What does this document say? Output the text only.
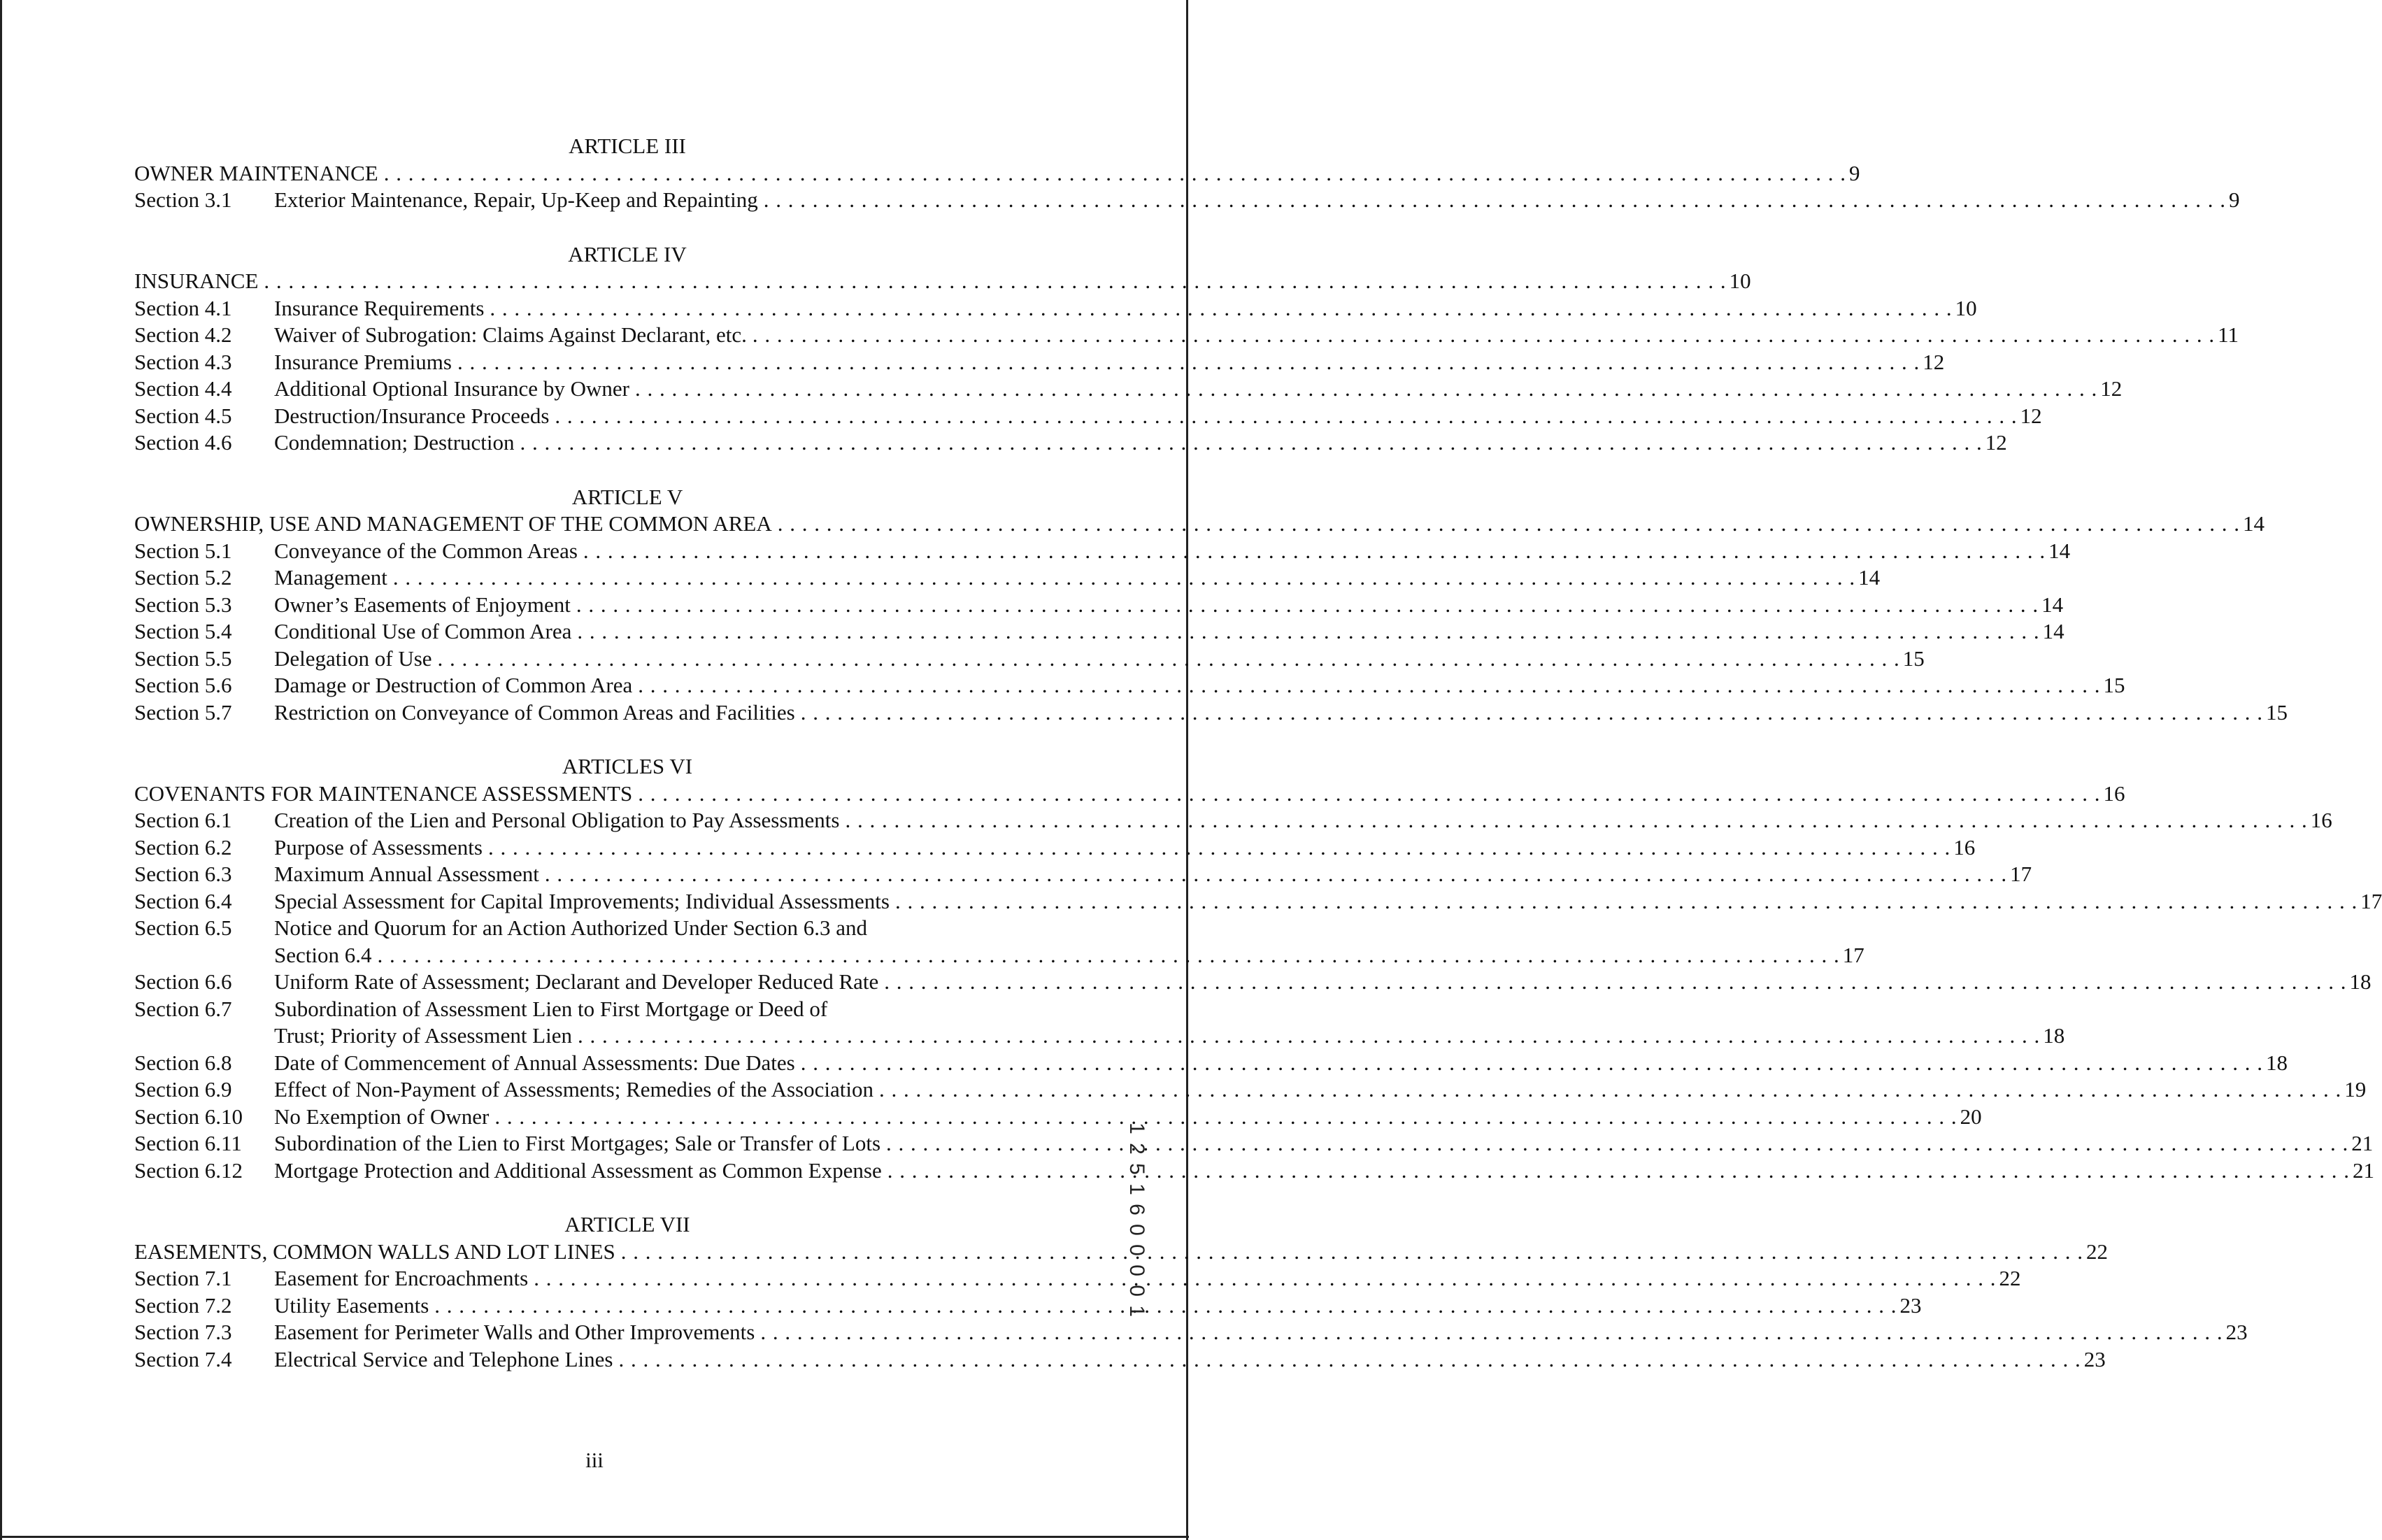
ARTICLE III
OWNER MAINTENANCE . . . . . . . . . . . . . . . . . . . . . . . . . . . . . . . . . . . . . . . . . . . . . . . . . . . . . . . . . . . . . . . . . . . . . . . . . . . . . . . . . . . . . . . . . . . . . . . . . . . . . . . . . . . . . . . . . . . . . . . . 9
Section 3.1	Exterior Maintenance, Repair, Up-Keep and Repainting . . . . . . . . . . . . . . . . . . . . . . . . . . . . . . . . . . . . . . . . . . . . . . . . . . . . . . . . . . . . . . . . . . . . . . . . . . . . . . . . . . . . . . . . . . . . . . . . . . . . . . . . . . . . . . . . . . . . . . . . 9
ARTICLE IV
INSURANCE . . . . . . . . . . . . . . . . . . . . . . . . . . . . . . . . . . . . . . . . . . . . . . . . . . . . . . . . . . . . . . . . . . . . . . . . . . . . . . . . . . . . . . . . . . . . . . . . . . . . . . . . . . . . . . . . . . . . . . . . 10
Section 4.1	Insurance Requirements . . . . . . . . . . . . . . . . . . . . . . . . . . . . . . . . . . . . . . . . . . . . . . . . . . . . . . . . . . . . . . . . . . . . . . . . . . . . . . . . . . . . . . . . . . . . . . . . . . . . . . . . . . . . . . . . . . . . . . . . 10
Section 4.2	Waiver of Subrogation: Claims Against Declarant, etc. . . . . . . . . . . . . . . . . . . . . . . . . . . . . . . . . . . . . . . . . . . . . . . . . . . . . . . . . . . . . . . . . . . . . . . . . . . . . . . . . . . . . . . . . . . . . . . . . . . . . . . . . . . . . . . . . . . . . . . . . 11
Section 4.3	Insurance Premiums . . . . . . . . . . . . . . . . . . . . . . . . . . . . . . . . . . . . . . . . . . . . . . . . . . . . . . . . . . . . . . . . . . . . . . . . . . . . . . . . . . . . . . . . . . . . . . . . . . . . . . . . . . . . . . . . . . . . . . . . 12
Section 4.4	Additional Optional Insurance by Owner . . . . . . . . . . . . . . . . . . . . . . . . . . . . . . . . . . . . . . . . . . . . . . . . . . . . . . . . . . . . . . . . . . . . . . . . . . . . . . . . . . . . . . . . . . . . . . . . . . . . . . . . . . . . . . . . . . . . . . . . 12
Section 4.5	Destruction/Insurance Proceeds . . . . . . . . . . . . . . . . . . . . . . . . . . . . . . . . . . . . . . . . . . . . . . . . . . . . . . . . . . . . . . . . . . . . . . . . . . . . . . . . . . . . . . . . . . . . . . . . . . . . . . . . . . . . . . . . . . . . . . . . 12
Section 4.6	Condemnation; Destruction . . . . . . . . . . . . . . . . . . . . . . . . . . . . . . . . . . . . . . . . . . . . . . . . . . . . . . . . . . . . . . . . . . . . . . . . . . . . . . . . . . . . . . . . . . . . . . . . . . . . . . . . . . . . . . . . . . . . . . . . 12
ARTICLE V
OWNERSHIP, USE AND MANAGEMENT OF THE COMMON AREA . . . . . . . . . . . . . . . . . . . . . . . . . . . . . . . . . . . . . . . . . . . . . . . . . . . . . . . . . . . . . . . . . . . . . . . . . . . . . . . . . . . . . . . . . . . . . . . . . . . . . . . . . . . . . . . . . . . . . . . . 14
Section 5.1	Conveyance of the Common Areas . . . . . . . . . . . . . . . . . . . . . . . . . . . . . . . . . . . . . . . . . . . . . . . . . . . . . . . . . . . . . . . . . . . . . . . . . . . . . . . . . . . . . . . . . . . . . . . . . . . . . . . . . . . . . . . . . . . . . . . . 14
Section 5.2	Management . . . . . . . . . . . . . . . . . . . . . . . . . . . . . . . . . . . . . . . . . . . . . . . . . . . . . . . . . . . . . . . . . . . . . . . . . . . . . . . . . . . . . . . . . . . . . . . . . . . . . . . . . . . . . . . . . . . . . . . . 14
Section 5.3	Owner’s Easements of Enjoyment . . . . . . . . . . . . . . . . . . . . . . . . . . . . . . . . . . . . . . . . . . . . . . . . . . . . . . . . . . . . . . . . . . . . . . . . . . . . . . . . . . . . . . . . . . . . . . . . . . . . . . . . . . . . . . . . . . . . . . . . 14
Section 5.4	Conditional Use of Common Area . . . . . . . . . . . . . . . . . . . . . . . . . . . . . . . . . . . . . . . . . . . . . . . . . . . . . . . . . . . . . . . . . . . . . . . . . . . . . . . . . . . . . . . . . . . . . . . . . . . . . . . . . . . . . . . . . . . . . . . . 14
Section 5.5	Delegation of Use . . . . . . . . . . . . . . . . . . . . . . . . . . . . . . . . . . . . . . . . . . . . . . . . . . . . . . . . . . . . . . . . . . . . . . . . . . . . . . . . . . . . . . . . . . . . . . . . . . . . . . . . . . . . . . . . . . . . . . . . 15
Section 5.6	Damage or Destruction of Common Area . . . . . . . . . . . . . . . . . . . . . . . . . . . . . . . . . . . . . . . . . . . . . . . . . . . . . . . . . . . . . . . . . . . . . . . . . . . . . . . . . . . . . . . . . . . . . . . . . . . . . . . . . . . . . . . . . . . . . . . . 15
Section 5.7	Restriction on Conveyance of Common Areas and Facilities . . . . . . . . . . . . . . . . . . . . . . . . . . . . . . . . . . . . . . . . . . . . . . . . . . . . . . . . . . . . . . . . . . . . . . . . . . . . . . . . . . . . . . . . . . . . . . . . . . . . . . . . . . . . . . . . . . . . . . . . 15
ARTICLES VI
COVENANTS FOR MAINTENANCE ASSESSMENTS . . . . . . . . . . . . . . . . . . . . . . . . . . . . . . . . . . . . . . . . . . . . . . . . . . . . . . . . . . . . . . . . . . . . . . . . . . . . . . . . . . . . . . . . . . . . . . . . . . . . . . . . . . . . . . . . . . . . . . . . 16
Section 6.1	Creation of the Lien and Personal Obligation to Pay Assessments . . . . . . . . . . . . . . . . . . . . . . . . . . . . . . . . . . . . . . . . . . . . . . . . . . . . . . . . . . . . . . . . . . . . . . . . . . . . . . . . . . . . . . . . . . . . . . . . . . . . . . . . . . . . . . . . . . . . . . . . 16
Section 6.2	Purpose of Assessments . . . . . . . . . . . . . . . . . . . . . . . . . . . . . . . . . . . . . . . . . . . . . . . . . . . . . . . . . . . . . . . . . . . . . . . . . . . . . . . . . . . . . . . . . . . . . . . . . . . . . . . . . . . . . . . . . . . . . . . . 16
Section 6.3	Maximum Annual Assessment . . . . . . . . . . . . . . . . . . . . . . . . . . . . . . . . . . . . . . . . . . . . . . . . . . . . . . . . . . . . . . . . . . . . . . . . . . . . . . . . . . . . . . . . . . . . . . . . . . . . . . . . . . . . . . . . . . . . . . . . 17
Section 6.4	Special Assessment for Capital Improvements; Individual Assessments . . . . . . . . . . . . . . . . . . . . . . . . . . . . . . . . . . . . . . . . . . . . . . . . . . . . . . . . . . . . . . . . . . . . . . . . . . . . . . . . . . . . . . . . . . . . . . . . . . . . . . . . . . . . . . . . . . . . . . . . 17
Section 6.5	Notice and Quorum for an Action Authorized Under Section 6.3 and
Section 6.4 . . . . . . . . . . . . . . . . . . . . . . . . . . . . . . . . . . . . . . . . . . . . . . . . . . . . . . . . . . . . . . . . . . . . . . . . . . . . . . . . . . . . . . . . . . . . . . . . . . . . . . . . . . . . . . . . . . . . . . . . 17
Section 6.6	Uniform Rate of Assessment; Declarant and Developer Reduced Rate . . . . . . . . . . . . . . . . . . . . . . . . . . . . . . . . . . . . . . . . . . . . . . . . . . . . . . . . . . . . . . . . . . . . . . . . . . . . . . . . . . . . . . . . . . . . . . . . . . . . . . . . . . . . . . . . . . . . . . . . 18
Section 6.7	Subordination of Assessment Lien to First Mortgage or Deed of
Trust; Priority of Assessment Lien . . . . . . . . . . . . . . . . . . . . . . . . . . . . . . . . . . . . . . . . . . . . . . . . . . . . . . . . . . . . . . . . . . . . . . . . . . . . . . . . . . . . . . . . . . . . . . . . . . . . . . . . . . . . . . . . . . . . . . . . 18
Section 6.8	Date of Commencement of Annual Assessments: Due Dates . . . . . . . . . . . . . . . . . . . . . . . . . . . . . . . . . . . . . . . . . . . . . . . . . . . . . . . . . . . . . . . . . . . . . . . . . . . . . . . . . . . . . . . . . . . . . . . . . . . . . . . . . . . . . . . . . . . . . . . . 18
Section 6.9	Effect of Non-Payment of Assessments; Remedies of the Association . . . . . . . . . . . . . . . . . . . . . . . . . . . . . . . . . . . . . . . . . . . . . . . . . . . . . . . . . . . . . . . . . . . . . . . . . . . . . . . . . . . . . . . . . . . . . . . . . . . . . . . . . . . . . . . . . . . . . . . . 19
Section 6.10	No Exemption of Owner . . . . . . . . . . . . . . . . . . . . . . . . . . . . . . . . . . . . . . . . . . . . . . . . . . . . . . . . . . . . . . . . . . . . . . . . . . . . . . . . . . . . . . . . . . . . . . . . . . . . . . . . . . . . . . . . . . . . . . . . 20
Section 6.11	Subordination of the Lien to First Mortgages; Sale or Transfer of Lots . . . . . . . . . . . . . . . . . . . . . . . . . . . . . . . . . . . . . . . . . . . . . . . . . . . . . . . . . . . . . . . . . . . . . . . . . . . . . . . . . . . . . . . . . . . . . . . . . . . . . . . . . . . . . . . . . . . . . . . . 21
Section 6.12	Mortgage Protection and Additional Assessment as Common Expense . . . . . . . . . . . . . . . . . . . . . . . . . . . . . . . . . . . . . . . . . . . . . . . . . . . . . . . . . . . . . . . . . . . . . . . . . . . . . . . . . . . . . . . . . . . . . . . . . . . . . . . . . . . . . . . . . . . . . . . . 21
ARTICLE VII
EASEMENTS, COMMON WALLS AND LOT LINES . . . . . . . . . . . . . . . . . . . . . . . . . . . . . . . . . . . . . . . . . . . . . . . . . . . . . . . . . . . . . . . . . . . . . . . . . . . . . . . . . . . . . . . . . . . . . . . . . . . . . . . . . . . . . . . . . . . . . . . . 22
Section 7.1	Easement for Encroachments . . . . . . . . . . . . . . . . . . . . . . . . . . . . . . . . . . . . . . . . . . . . . . . . . . . . . . . . . . . . . . . . . . . . . . . . . . . . . . . . . . . . . . . . . . . . . . . . . . . . . . . . . . . . . . . . . . . . . . . . 22
Section 7.2	Utility Easements . . . . . . . . . . . . . . . . . . . . . . . . . . . . . . . . . . . . . . . . . . . . . . . . . . . . . . . . . . . . . . . . . . . . . . . . . . . . . . . . . . . . . . . . . . . . . . . . . . . . . . . . . . . . . . . . . . . . . . . . 23
Section 7.3	Easement for Perimeter Walls and Other Improvements . . . . . . . . . . . . . . . . . . . . . . . . . . . . . . . . . . . . . . . . . . . . . . . . . . . . . . . . . . . . . . . . . . . . . . . . . . . . . . . . . . . . . . . . . . . . . . . . . . . . . . . . . . . . . . . . . . . . . . . . 23
Section 7.4	Electrical Service and Telephone Lines . . . . . . . . . . . . . . . . . . . . . . . . . . . . . . . . . . . . . . . . . . . . . . . . . . . . . . . . . . . . . . . . . . . . . . . . . . . . . . . . . . . . . . . . . . . . . . . . . . . . . . . . . . . . . . . . . . . . . . . . 23
iii
1 2 5 1 6 0 0 0 0 1
